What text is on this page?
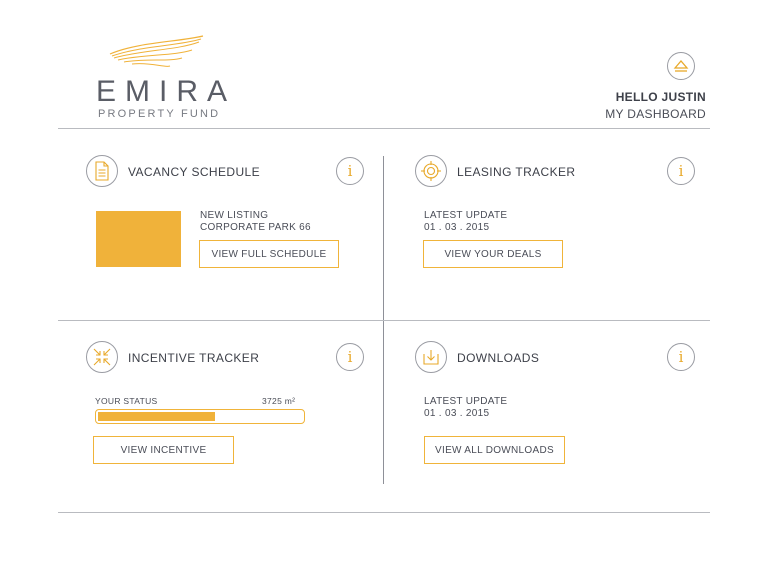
EMIRA
PROPERTY FUND
HELLO JUSTIN
MY DASHBOARD
VACANCY SCHEDULE	i
NEW LISTING
CORPORATE PARK 66
VIEW FULL SCHEDULE
LEASING TRACKER	i
LATEST UPDATE
01 . 03 . 2015
VIEW YOUR DEALS
INCENTIVE TRACKER	i
YOUR STATUS	3725 m²
VIEW INCENTIVE
DOWNLOADS	i
LATEST UPDATE
01 . 03 . 2015
VIEW ALL DOWNLOADS
